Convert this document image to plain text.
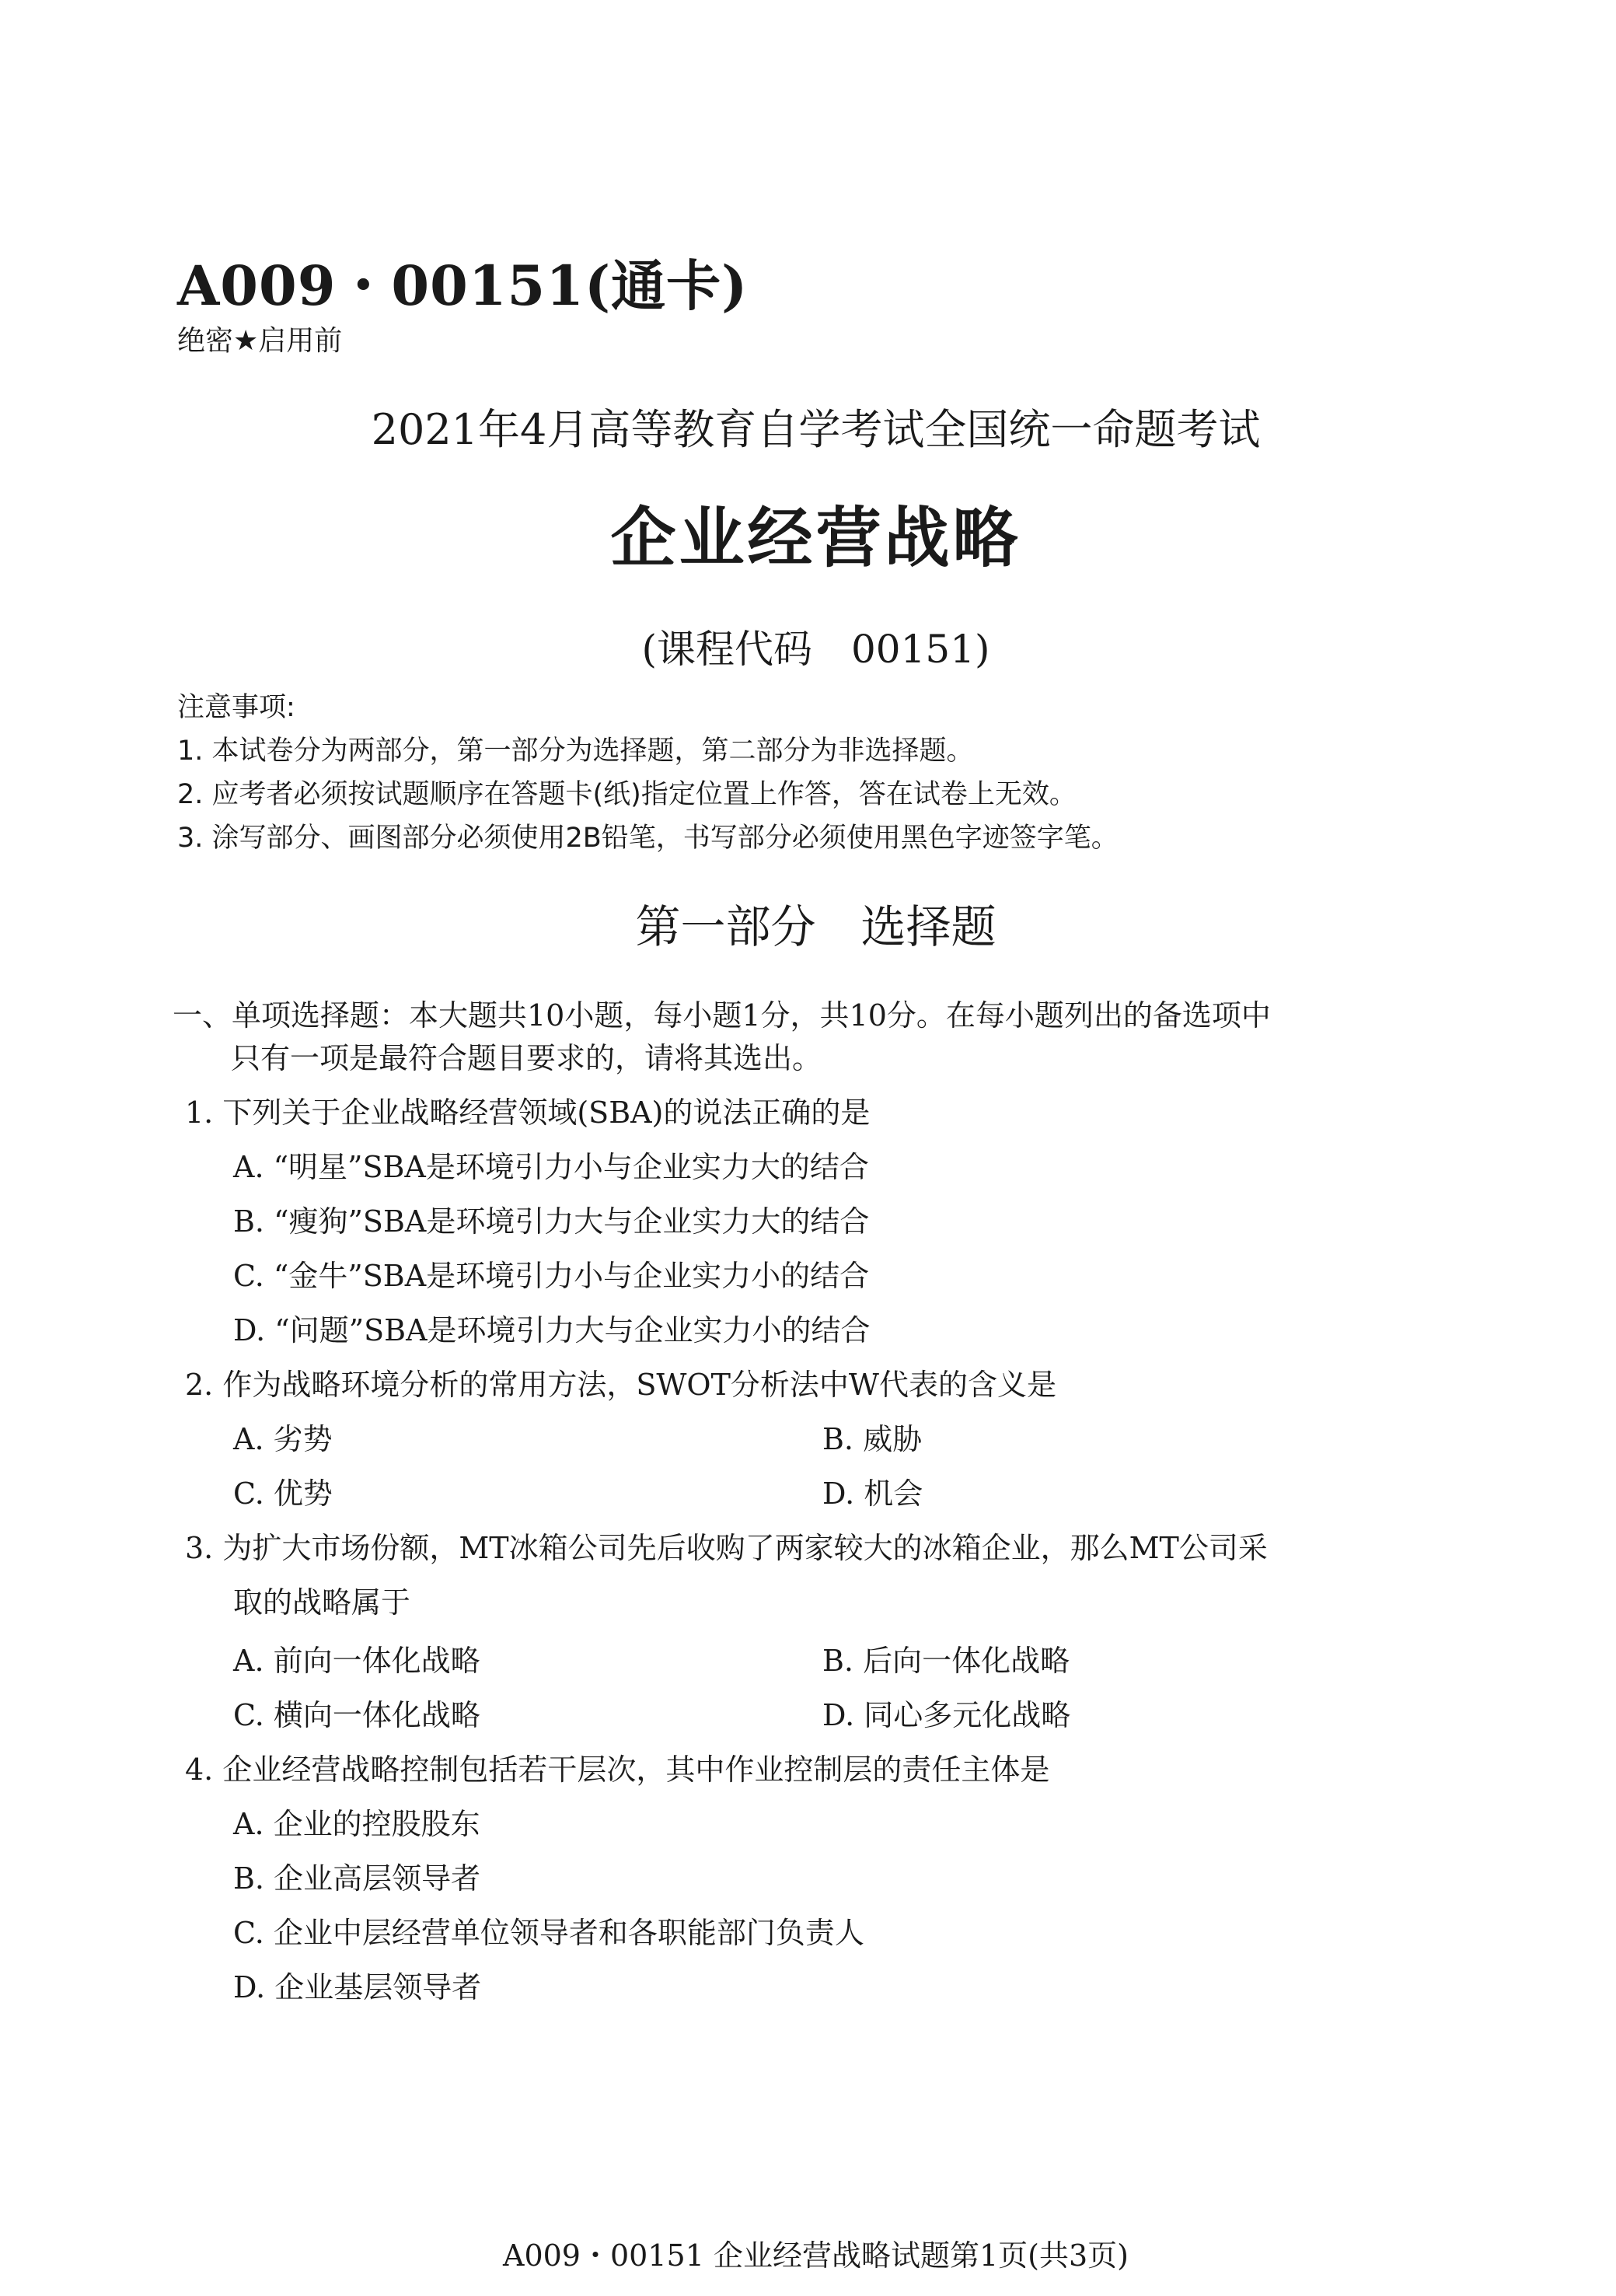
A009・00151(通卡)
绝密★启用前
2021年4月高等教育自学考试全国统一命题考试
企业经营战略
(课程代码　00151)
注意事项:
1. 本试卷分为两部分，第一部分为选择题，第二部分为非选择题。
2. 应考者必须按试题顺序在答题卡(纸)指定位置上作答，答在试卷上无效。
3. 涂写部分、画图部分必须使用2B铅笔，书写部分必须使用黑色字迹签字笔。
第一部分　选择题
一、单项选择题：本大题共10小题，每小题1分，共10分。在每小题列出的备选项中
只有一项是最符合题目要求的，请将其选出。
1. 下列关于企业战略经营领域(SBA)的说法正确的是
A. “明星”SBA是环境引力小与企业实力大的结合
B. “瘦狗”SBA是环境引力大与企业实力大的结合
C. “金牛”SBA是环境引力小与企业实力小的结合
D. “问题”SBA是环境引力大与企业实力小的结合
2. 作为战略环境分析的常用方法，SWOT分析法中W代表的含义是
A. 劣势	B. 威胁
C. 优势	D. 机会
3. 为扩大市场份额，MT冰箱公司先后收购了两家较大的冰箱企业，那么MT公司采
取的战略属于
A. 前向一体化战略	B. 后向一体化战略
C. 横向一体化战略	D. 同心多元化战略
4. 企业经营战略控制包括若干层次，其中作业控制层的责任主体是
A. 企业的控股股东
B. 企业高层领导者
C. 企业中层经营单位领导者和各职能部门负责人
D. 企业基层领导者
A009・00151 企业经营战略试题第1页(共3页)
